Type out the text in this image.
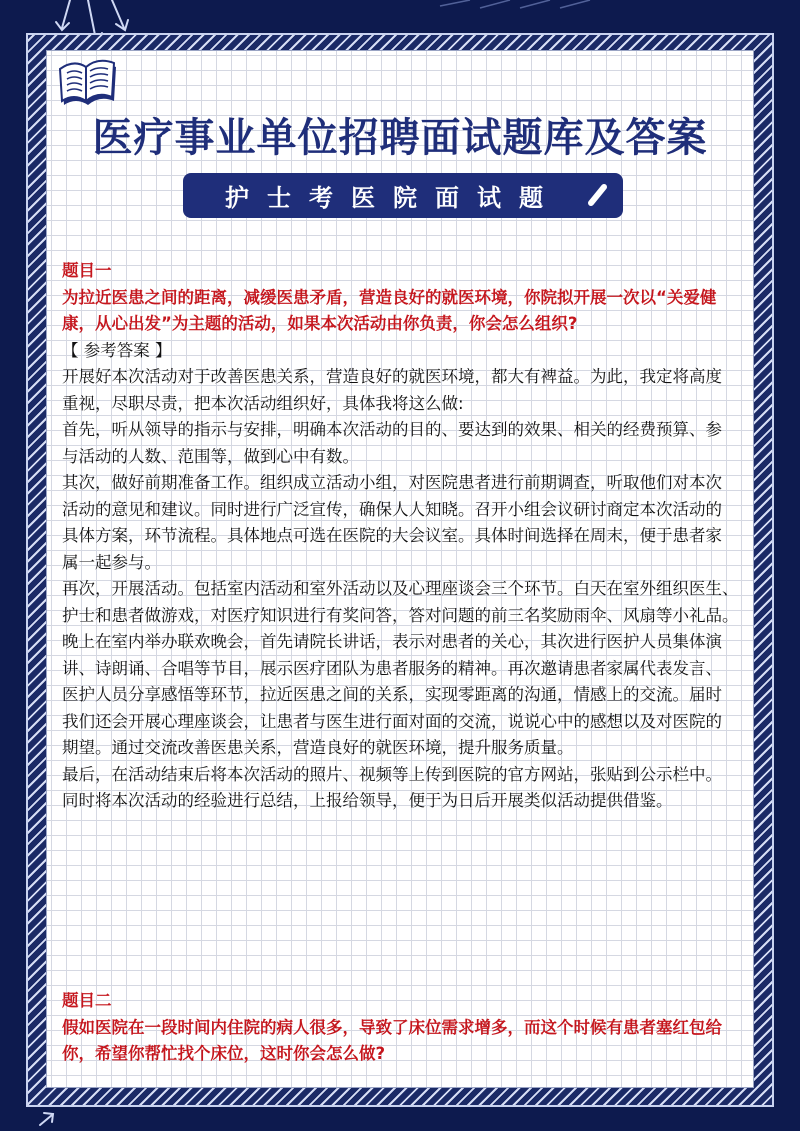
医疗事业单位招聘面试题库及答案
护士考医院面试题
题目一
为拉近医患之间的距离，减缓医患矛盾，营造良好的就医环境，你院拟开展一次以“关爱健
康，从心出发”为主题的活动，如果本次活动由你负责，你会怎么组织?
【 参考答案 】
开展好本次活动对于改善医患关系，营造良好的就医环境，都大有裨益。为此，我定将高度
重视，尽职尽责，把本次活动组织好，具体我将这么做:
首先，听从领导的指示与安排，明确本次活动的目的、要达到的效果、相关的经费预算、参
与活动的人数、范围等，做到心中有数。
其次，做好前期准备工作。组织成立活动小组，对医院患者进行前期调查，听取他们对本次
活动的意见和建议。同时进行广泛宣传，确保人人知晓。召开小组会议研讨商定本次活动的
具体方案，环节流程。具体地点可选在医院的大会议室。具体时间选择在周末，便于患者家
属一起参与。
再次，开展活动。包括室内活动和室外活动以及心理座谈会三个环节。白天在室外组织医生、
护士和患者做游戏，对医疗知识进行有奖问答，答对问题的前三名奖励雨伞、风扇等小礼品。
晚上在室内举办联欢晚会，首先请院长讲话，表示对患者的关心，其次进行医护人员集体演
讲、诗朗诵、合唱等节目，展示医疗团队为患者服务的精神。再次邀请患者家属代表发言、
医护人员分享感悟等环节，拉近医患之间的关系，实现零距离的沟通，情感上的交流。届时
我们还会开展心理座谈会，让患者与医生进行面对面的交流，说说心中的感想以及对医院的
期望。通过交流改善医患关系，营造良好的就医环境，提升服务质量。
最后，在活动结束后将本次活动的照片、视频等上传到医院的官方网站，张贴到公示栏中。
同时将本次活动的经验进行总结，上报给领导，便于为日后开展类似活动提供借鉴。
题目二
假如医院在一段时间内住院的病人很多，导致了床位需求增多，而这个时候有患者塞红包给
你，希望你帮忙找个床位，这时你会怎么做?
